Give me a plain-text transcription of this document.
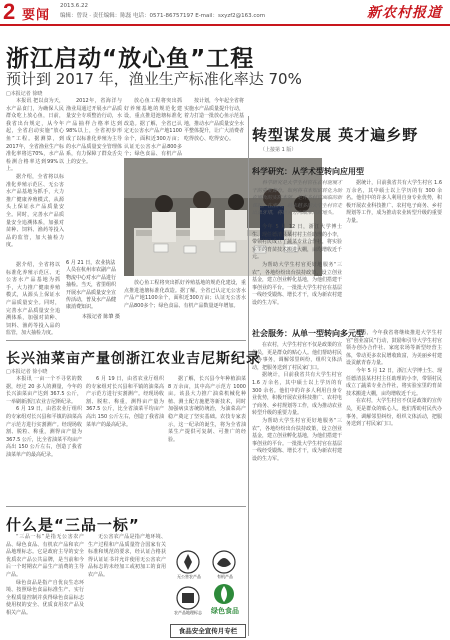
2 要闻
2013.6.22
编辑：曾设 · 责任编辑：陈磊 电话：0571-86757197 E-mail：sxyzf2@163.com	新农村报道
浙江启动“放心鱼”工程
预计到 2017 年，渔业生产标准化率达 70%
□本报记者 徐晓

本报讯 把以食为天，水产品食门，为确保人民群众吃上放心鱼，日前，我省出台规定，从今年起，全省启动实施“放心鱼”工程。据测算，到2017年，全省渔业生产标准化率将达70%，水产品检测合格率达到99%以上。

据介绍，全省将以标准化养殖示范区、无公害水产品基地为抓手，大力推广健康养殖模式，从源头上保证水产品质量安全。同时，完善水产品质量安全追溯体系，加强对苗种、饲料、渔药等投入品的监管，加大抽检力度。

2012年，省海洋与渔业局通过开展水产品质量安全专项整治行动，水产品抽样合格率达到98%以上，全省初步形成了以标准化养殖为主导的水产品质量安全管理体系，有力保障了群众舌尖上的安全。

放心鱼工程将突出抓好养殖基地的规范化建设，重点推进池塘标准化改造。据了解，全省已认定无公害水产品产地1100余个，面积近300万亩；认证无公害水产品800多个；绿色食品、有机产品

按计划，今年起全省将实施水产品质量提升行动，着力打造一批放心鱼示范基地，推动水产品质量安全水平整体提升，让广大消费者吃得放心、吃得安心。

据介绍，全省将以标准化养殖示范区、无公害水产品基地为抓手，大力推广健康养殖模式，从源头上保证水产品质量安全。同时，完善水产品质量安全追溯体系，加强对苗种、饲料、渔药等投入品的监管，加大抽检力度。

6 月 21 日，农业执法人员在杭州市农副产品物流中心对水产品进行抽检。当天，省里组织开展水产品质量安全宣传活动，普及水产品健康消费知识。
本报记者 陈肇 摄

放心鱼工程将突出抓好养殖基地的规范化建设，重点推进池塘标准化改造。据了解，全省已认定无公害水产品产地1100余个，面积近300万亩；认证无公害水产品800多个；绿色食品、有机产品数量逐年增加。

转型谋发展 英才遍乡野
（上接第 1 版）
科学研究：从学术型转向应用型

科学研究是大学生村官在农村施展才干的重要舞台。如何将书本知识转化为助农增收的实际本领，是许多村官面临的新课题。在浙江，越来越多的大学生村官走出象牙塔，将研究方向瞄准田间地头。

据统计，目前我省共有大学生村官 1.6 万余名，其中硕士以上学历的有 300 余名。他们中的许多人利用自身专业优势，积极开展农业科技推广、农村电子商务、乡村规划等工作，成为推动农业转型升级的重要力量。

今年 5 月 12 日，浙江大学博士生、现任德清县某村村主任助理的小李，带领村民成立了蔬菜专业合作社，将实验室里的育苗技术搬进大棚，亩均增收近千元。

为帮助大学生村官更好地服务“三农”，各地纷纷出台扶持政策，设立创业基金，建立创业孵化基地，为他们搭建干事创业的平台。一批批大学生村官在基层一线经受锻炼、增长才干，成为新农村建设的生力军。

社会服务：从单一型转向多元型

在农村，大学生村官不仅是政策的宣传员，更是群众的贴心人。他们帮助村民代办事务，调解邻里纠纷，组织文体活动，把服务送到了村民家门口。

据统计，目前我省共有大学生村官 1.6 万余名，其中硕士以上学历的有 300 余名。他们中的许多人利用自身专业优势，积极开展农业科技推广、农村电子商务、乡村规划等工作，成为推动农业转型升级的重要力量。

为帮助大学生村官更好地服务“三农”，各地纷纷出台扶持政策，设立创业基金，建立创业孵化基地，为他们搭建干事创业的平台。一批批大学生村官在基层一线经受锻炼、增长才干，成为新农村建设的生力军。

据悉，今年我省将继续推进大学生村官“创业富民”行动，鼓励和引导大学生村官领办创办合作社、家庭农场等新型经营主体，带动更多农民增收致富，为美丽乡村建设贡献青春力量。

今年 5 月 12 日，浙江大学博士生、现任德清县某村村主任助理的小李，带领村民成立了蔬菜专业合作社，将实验室里的育苗技术搬进大棚，亩均增收近千元。

在农村，大学生村官不仅是政策的宣传员，更是群众的贴心人。他们帮助村民代办事务，调解邻里纠纷，组织文体活动，把服务送到了村民家门口。

长兴油菜亩产量创浙江农业吉尼斯纪录
□本报记者 徐小晓

本报讯 一亩一个不寻常的数据，经过 20 多人的测量，今年的长兴油菜亩产达到 367.5 公斤，一举刷新浙江农业吉尼斯纪录。

6 月 19 日，由省农业厅组织的专家组对长兴县和平镇的油菜高产示范方进行实割测产。经现场收割、脱粒、称重，测得亩产量为 367.5 公斤，比全省油菜平均亩产高出 150 公斤左右，创造了我省油菜单产的最高纪录。

6 月 19 日，由省农业厅组织的专家组对长兴县和平镇的油菜高产示范方进行实割测产。经现场收割、脱粒、称重，测得亩产量为 367.5 公斤，比全省油菜平均亩产高出 150 公斤左右，创造了我省油菜单产的最高纪录。

据了解，长兴县今年种植油菜 8 万余亩，其中高产示范方 1000 亩。该县大力推广油菜机械化种植、测土配方施肥等新技术，同时加强病虫害统防统治，为油菜高产稳产奠定了坚实基础。农技专家表示，这一纪录的诞生，将为全省油菜生产提供可复制、可推广的经验。

什么是“三品一标”

“三品一标”是指无公害农产品、绿色食品、有机农产品和农产品地理标志。它是政府主导的安全优质农产品公共品牌，是当前和今后一个时期农产品生产消费的主导产品。

绿色食品是指产自优良生态环境、按照绿色食品标准生产、实行全程质量控制并获得绿色食品标志使用权的安全、优质食用农产品及相关产品。

无公害农产品是指产地环境、生产过程和产品质量符合国家有关标准和规范的要求，经认证合格获得认证证书并允许使用无公害农产品标志的未经加工或初加工的食用农产品。	无公害农产品	有机产品
农产品地理标志	绿色食品
食品安全宣传月专栏
